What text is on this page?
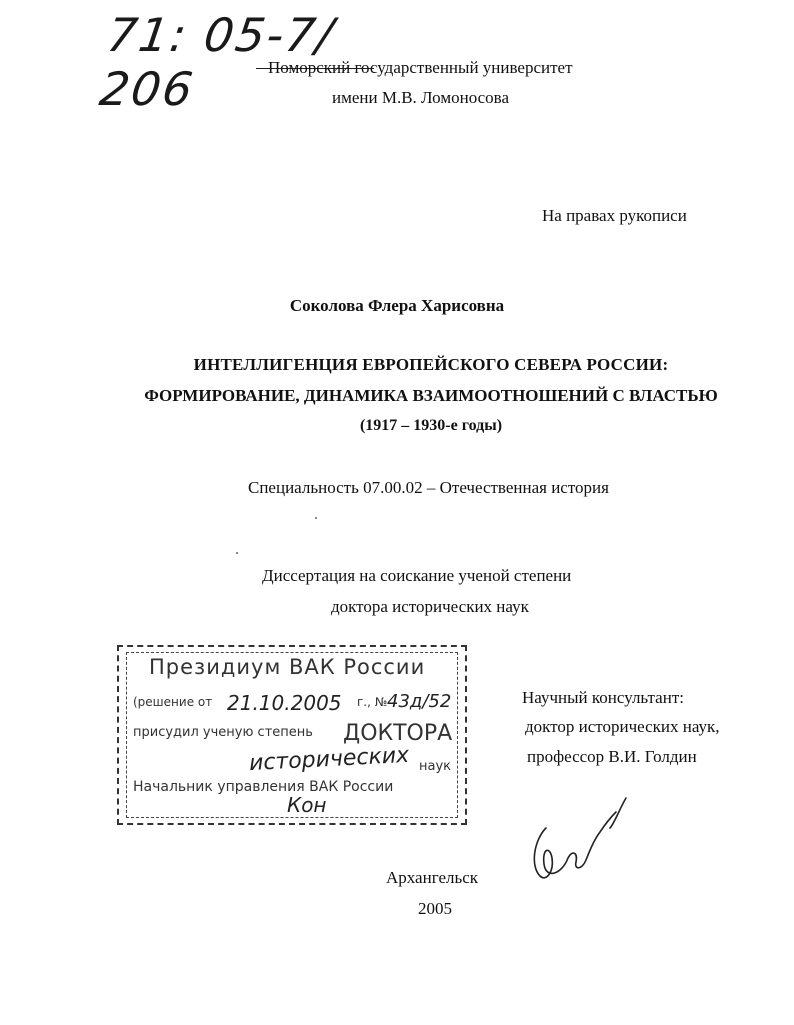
71: 05-7/ 206	Поморский государственный университет
имени М.В. Ломоносова
На правах рукописи
Соколова Флера Харисовна
ИНТЕЛЛИГЕНЦИЯ ЕВРОПЕЙСКОГО СЕВЕРА РОССИИ:
ФОРМИРОВАНИЕ, ДИНАМИКА ВЗАИМООТНОШЕНИЙ С ВЛАСТЬЮ
(1917 – 1930-е годы)
Специальность 07.00.02 – Отечественная история
Диссертация на соискание ученой степени
доктора исторических наук
Президиум ВАК России
(решение от 21.10.2005 г., № 43д/52
присудил ученую степень ДОКТОРА
исторических наук
Начальник управления ВАК России
Кон
Научный консультант:
доктор исторических наук,
профессор В.И. Голдин
Архангельск
2005
